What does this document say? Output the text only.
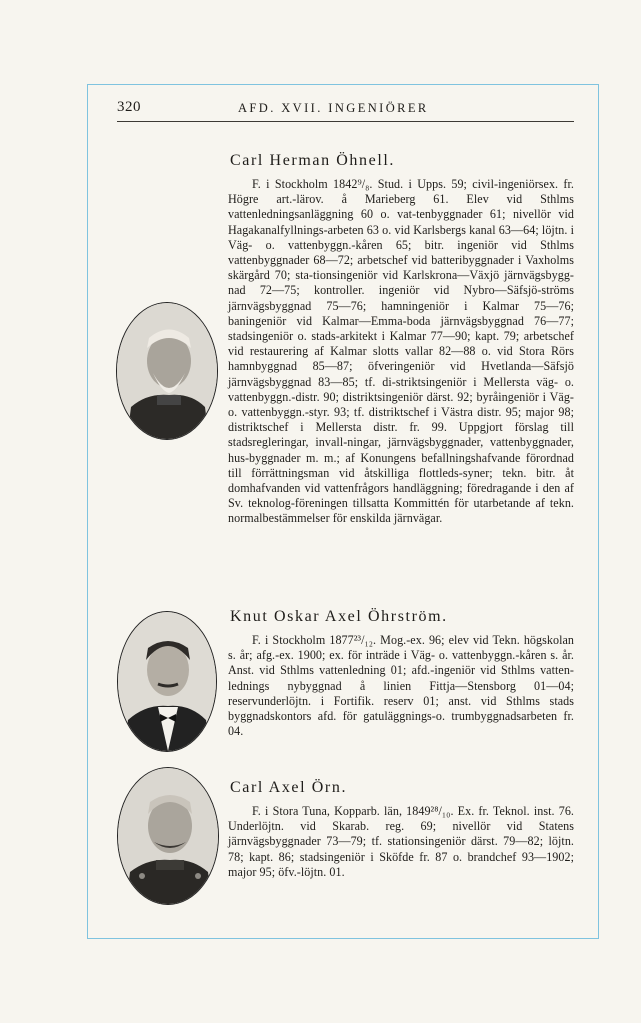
320	AFD. XVII. INGENIÖRER
Carl Herman Öhnell.

F. i Stockholm 1842⁹/₈. Stud. i Upps. 59; civil-ingeniörsex. fr. Högre art.-lärov. å Marieberg 61. Elev vid Sthlms vattenledningsanläggning 60 o. vat-tenbyggnader 61; nivellör vid Hagakanalfyllnings-arbeten 63 o. vid Karlsbergs kanal 63—64; löjtn. i Väg- o. vattenbyggn.-kåren 65; bitr. ingeniör vid Sthlms vattenbyggnader 68—72; arbetschef vid batteribyggnader i Vaxholms skärgård 70; sta-tionsingeniör vid Karlskrona—Växjö järnvägsbygg-nad 72—75; kontroller. ingeniör vid Nybro—Säfsjö-ströms järnvägsbyggnad 75—76; hamningeniör i Kalmar 75—76; baningeniör vid Kalmar—Emma-boda järnvägsbyggnad 76—77; stadsingeniör o. stads-arkitekt i Kalmar 77—90; kapt. 79; arbetschef vid restaurering af Kalmar slotts vallar 82—88 o. vid Stora Rörs hamnbyggnad 85—87; öfveringeniör vid Hvetlanda—Säfsjö järnvägsbyggnad 83—85; tf. di-striktsingeniör i Mellersta väg- o. vattenbyggn.-distr. 90; distriktsingeniör därst. 92; byråingeniör i Väg- o. vattenbyggn.-styr. 93; tf. distriktschef i Västra distr. 95; major 98; distriktschef i Mellersta distr. fr. 99. Uppgjort förslag till stadsregleringar, invall-ningar, järnvägsbyggnader, vattenbyggnader, hus-byggnader m. m.; af Konungens befallningshafvande förordnad till förrättningsman vid åtskilliga flottleds-syner; tekn. bitr. åt domhafvanden vid vattenfrågors handläggning; föredragande i den af Sv. teknolog-föreningen tillsatta Kommittén för utarbetande af tekn. normalbestämmelser för enskilda järnvägar.

Knut Oskar Axel Öhrström.

F. i Stockholm 1877²³/₁₂. Mog.-ex. 96; elev vid Tekn. högskolan s. år; afg.-ex. 1900; ex. för inträde i Väg- o. vattenbyggn.-kåren s. år. Anst. vid Sthlms vattenledning 01; afd.-ingeniör vid Sthlms vatten-lednings nybyggnad å linien Fittja—Stensborg 01—04; reservunderlöjtn. i Fortifik. reserv 01; anst. vid Sthlms stads byggnadskontors afd. för gatuläggnings-o. trumbyggnadsarbeten fr. 04.

Carl Axel Örn.

F. i Stora Tuna, Kopparb. län, 1849²⁸/₁₀. Ex. fr. Teknol. inst. 76. Underlöjtn. vid Skarab. reg. 69; nivellör vid Statens järnvägsbyggnader 73—79; tf. stationsingeniör därst. 79—82; löjtn. 78; kapt. 86; stadsingeniör i Sköfde fr. 87 o. brandchef 93—1902; major 95; öfv.-löjtn. 01.
